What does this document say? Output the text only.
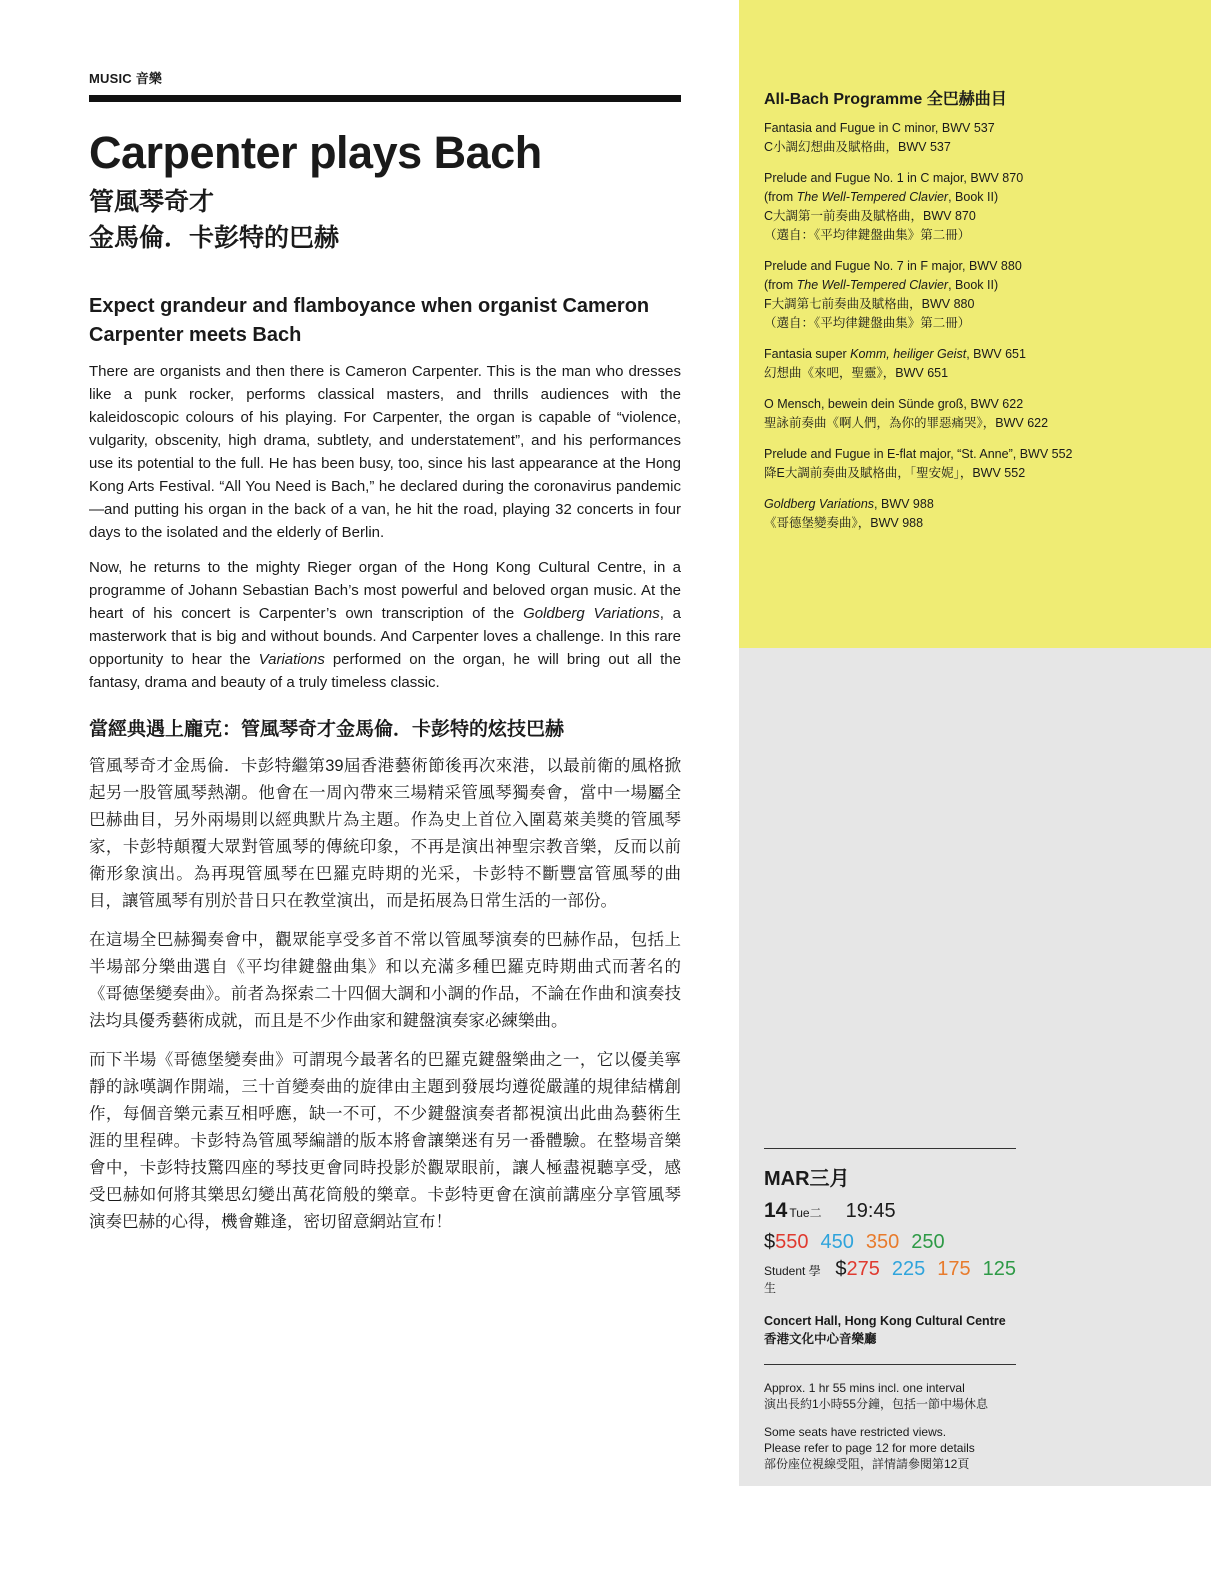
MUSIC 音樂
Carpenter plays Bach

管風琴奇才

金馬倫．卡彭特的巴赫

Expect grandeur and flamboyance when organist Cameron Carpenter meets Bach

There are organists and then there is Cameron Carpenter. This is the man who dresses like a punk rocker, performs classical masters, and thrills audiences with the kaleidoscopic colours of his playing. For Carpenter, the organ is capable of “violence, vulgarity, obscenity, high drama, subtlety, and understatement”, and his performances use its potential to the full. He has been busy, too, since his last appearance at the Hong Kong Arts Festival. “All You Need is Bach,” he declared during the coronavirus pandemic—and putting his organ in the back of a van, he hit the road, playing 32 concerts in four days to the isolated and the elderly of Berlin.

Now, he returns to the mighty Rieger organ of the Hong Kong Cultural Centre, in a programme of Johann Sebastian Bach’s most powerful and beloved organ music. At the heart of his concert is Carpenter’s own transcription of the Goldberg Variations, a masterwork that is big and without bounds. And Carpenter loves a challenge. In this rare opportunity to hear the Variations performed on the organ, he will bring out all the fantasy, drama and beauty of a truly timeless classic.

當經典遇上龐克：管風琴奇才金馬倫．卡彭特的炫技巴赫

管風琴奇才金馬倫．卡彭特繼第39屆香港藝術節後再次來港，以最前衛的風格掀起另一股管風琴熱潮。他會在一周內帶來三場精采管風琴獨奏會，當中一場屬全巴赫曲目，另外兩場則以經典默片為主題。作為史上首位入圍葛萊美獎的管風琴家，卡彭特顛覆大眾對管風琴的傳統印象，不再是演出神聖宗教音樂，反而以前衛形象演出。為再現管風琴在巴羅克時期的光采，卡彭特不斷豐富管風琴的曲目，讓管風琴有別於昔日只在教堂演出，而是拓展為日常生活的一部份。

在這場全巴赫獨奏會中，觀眾能享受多首不常以管風琴演奏的巴赫作品，包括上半場部分樂曲選自《平均律鍵盤曲集》和以充滿多種巴羅克時期曲式而著名的《哥德堡變奏曲》。前者為探索二十四個大調和小調的作品，不論在作曲和演奏技法均具優秀藝術成就，而且是不少作曲家和鍵盤演奏家必練樂曲。

而下半場《哥德堡變奏曲》可謂現今最著名的巴羅克鍵盤樂曲之一，它以優美寧靜的詠嘆調作開端，三十首變奏曲的旋律由主題到發展均遵從嚴謹的規律結構創作，每個音樂元素互相呼應，缺一不可，不少鍵盤演奏者都視演出此曲為藝術生涯的里程碑。卡彭特為管風琴編譜的版本將會讓樂迷有另一番體驗。在整場音樂會中，卡彭特技驚四座的琴技更會同時投影於觀眾眼前，讓人極盡視聽享受，感受巴赫如何將其樂思幻變出萬花筒般的樂章。卡彭特更會在演前講座分享管風琴演奏巴赫的心得，機會難逢，密切留意網站宣布！

All-Bach Programme 全巴赫曲目
Fantasia and Fugue in C minor, BWV 537
C小調幻想曲及賦格曲，BWV 537
Prelude and Fugue No. 1 in C major, BWV 870
(from The Well-Tempered Clavier, Book II)
C大調第一前奏曲及賦格曲，BWV 870
（選自：《平均律鍵盤曲集》第二冊）
Prelude and Fugue No. 7 in F major, BWV 880
(from The Well-Tempered Clavier, Book II)
F大調第七前奏曲及賦格曲，BWV 880
（選自：《平均律鍵盤曲集》第二冊）
Fantasia super Komm, heiliger Geist, BWV 651
幻想曲《來吧，聖靈》，BWV 651
O Mensch, bewein dein Sünde groß, BWV 622
聖詠前奏曲《啊人們，為你的罪惡痛哭》，BWV 622
Prelude and Fugue in E-flat major, “St. Anne”, BWV 552
降E大調前奏曲及賦格曲，「聖安妮」，BWV 552
Goldberg Variations, BWV 988
《哥德堡變奏曲》，BWV 988
MAR三月
14 Tue二 19:45
$550 450 350 250
Student 學生
$275 225 175 125
Concert Hall, Hong Kong Cultural Centre
香港文化中心音樂廳

Approx. 1 hr 55 mins incl. one interval
演出長約1小時55分鐘，包括一節中場休息

Some seats have restricted views.
Please refer to page 12 for more details
部份座位視線受阻，詳情請參閱第12頁
